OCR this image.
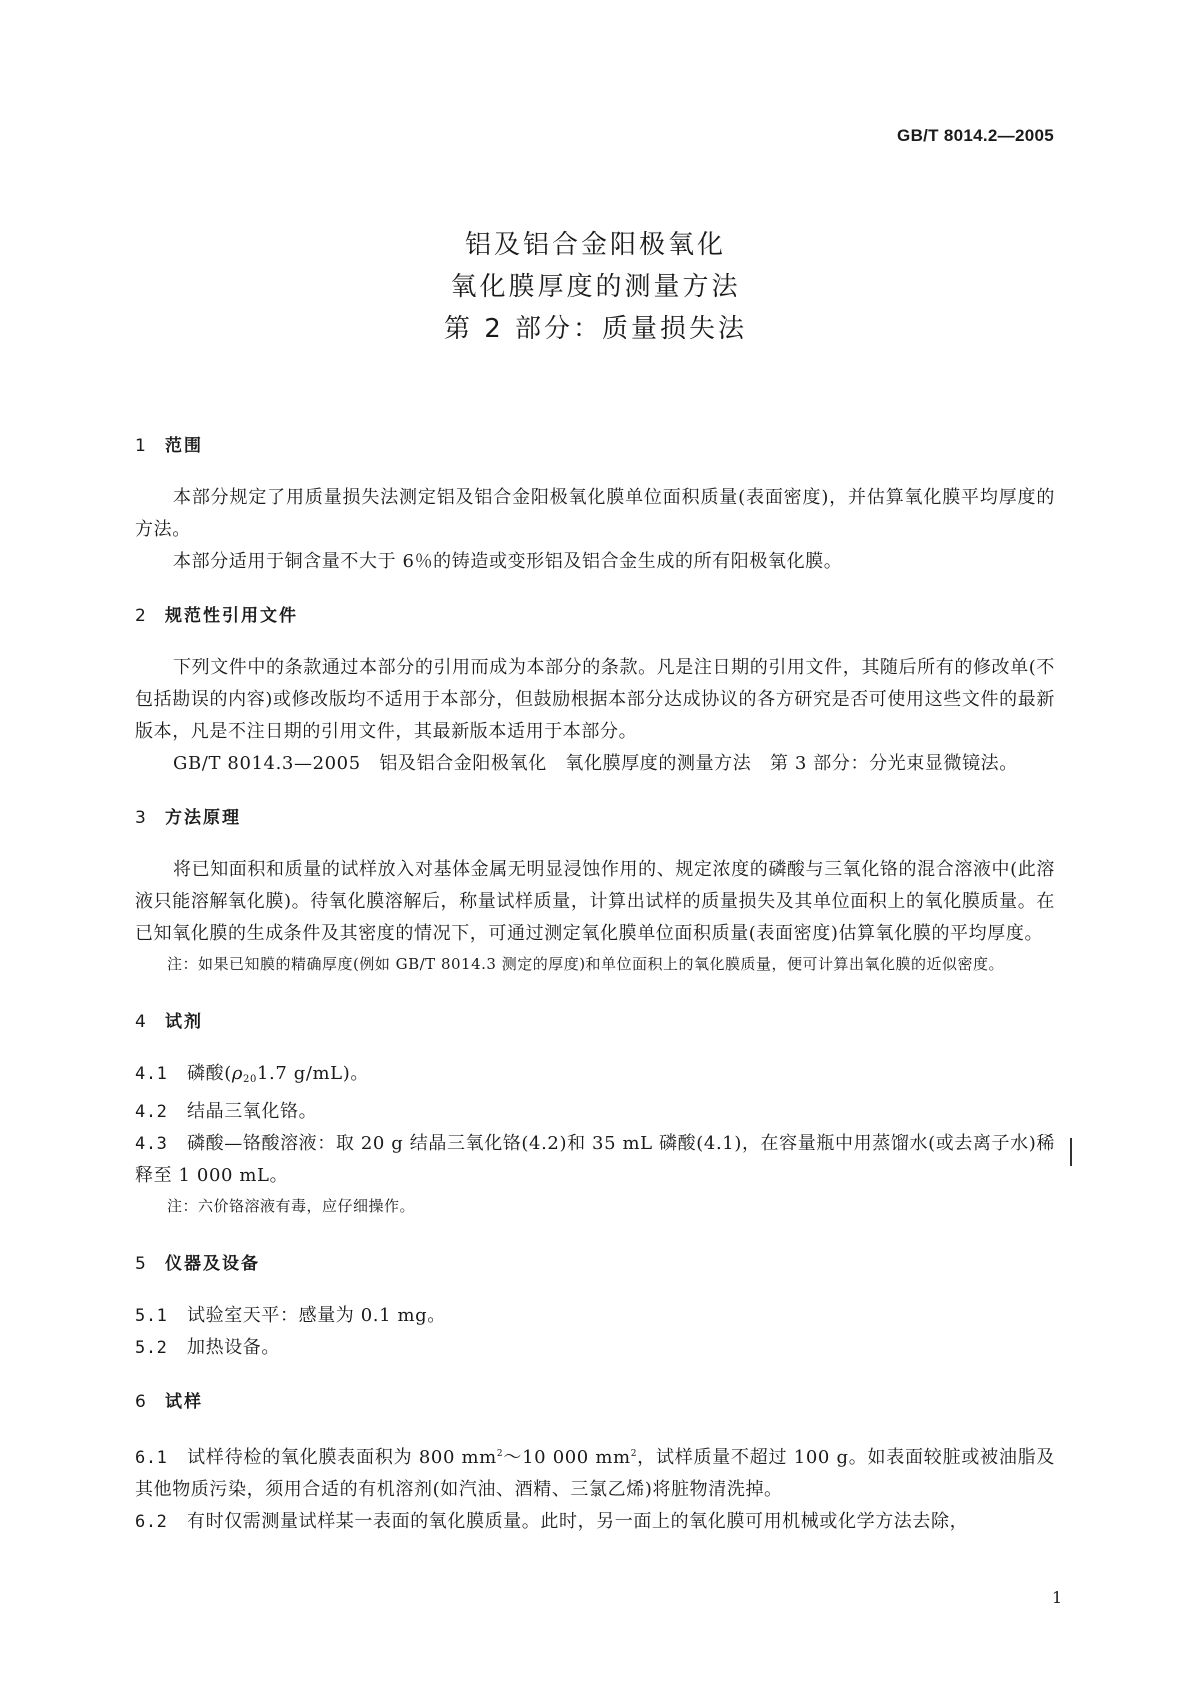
GB/T 8014.2—2005
铝及铝合金阳极氧化
氧化膜厚度的测量方法
第 2 部分：质量损失法
1 范围

本部分规定了用质量损失法测定铝及铝合金阳极氧化膜单位面积质量(表面密度)，并估算氧化膜平均厚度的方法。

本部分适用于铜含量不大于 6％的铸造或变形铝及铝合金生成的所有阳极氧化膜。

2 规范性引用文件

下列文件中的条款通过本部分的引用而成为本部分的条款。凡是注日期的引用文件，其随后所有的修改单(不包括勘误的内容)或修改版均不适用于本部分，但鼓励根据本部分达成协议的各方研究是否可使用这些文件的最新版本，凡是不注日期的引用文件，其最新版本适用于本部分。

GB/T 8014.3—2005　铝及铝合金阳极氧化　氧化膜厚度的测量方法　第 3 部分：分光束显微镜法。

3 方法原理

将已知面积和质量的试样放入对基体金属无明显浸蚀作用的、规定浓度的磷酸与三氧化铬的混合溶液中(此溶液只能溶解氧化膜)。待氧化膜溶解后，称量试样质量，计算出试样的质量损失及其单位面积上的氧化膜质量。在已知氧化膜的生成条件及其密度的情况下，可通过测定氧化膜单位面积质量(表面密度)估算氧化膜的平均厚度。

注：如果已知膜的精确厚度(例如 GB/T 8014.3 测定的厚度)和单位面积上的氧化膜质量，便可计算出氧化膜的近似密度。

4 试剂

4.1 磷酸($\rho_{20}1.7$ g/mL)。

4.2 结晶三氧化铬。

4.3 磷酸—铬酸溶液：取 20 g 结晶三氧化铬(4.2)和 35 mL 磷酸(4.1)，在容量瓶中用蒸馏水(或去离子水)稀释至 1 000 mL。

注：六价铬溶液有毒，应仔细操作。

5 仪器及设备

5.1 试验室天平：感量为 0.1 mg。

5.2 加热设备。

6 试样

6.1 试样待检的氧化膜表面积为 800 $mm^2\sim 10$ 000 $mm^2$，试样质量不超过 100 g。如表面较脏或被油脂及其他物质污染，须用合适的有机溶剂(如汽油、酒精、三氯乙烯)将脏物清洗掉。

6.2 有时仅需测量试样某一表面的氧化膜质量。此时，另一面上的氧化膜可用机械或化学方法去除，

1
